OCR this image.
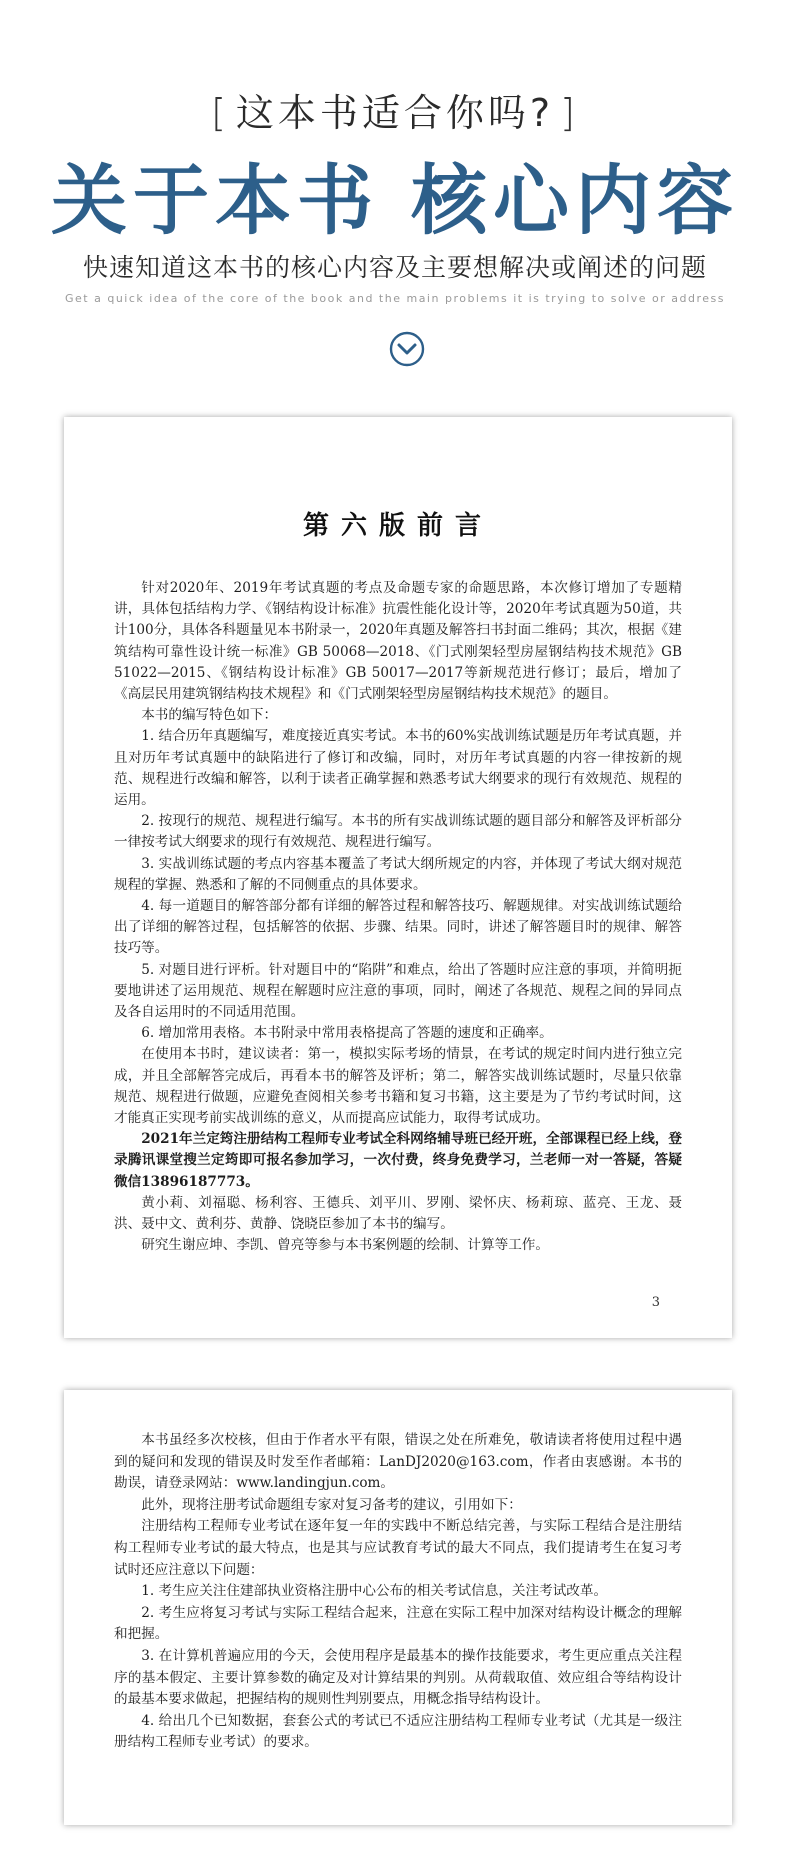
[ 这本书适合你吗? ]
关于本书 核心内容
快速知道这本书的核心内容及主要想解决或阐述的问题
Get a quick idea of the core of the book and the main problems it is trying to solve or address
第六版前言

针对2020年、2019年考试真题的考点及命题专家的命题思路，本次修订增加了专题精讲，具体包括结构力学、《钢结构设计标准》抗震性能化设计等，2020年考试真题为50道，共计100分，具体各科题量见本书附录一，2020年真题及解答扫书封面二维码；其次，根据《建筑结构可靠性设计统一标准》GB 50068—2018、《门式刚架轻型房屋钢结构技术规范》GB 51022—2015、《钢结构设计标准》GB 50017—2017等新规范进行修订；最后，增加了《高层民用建筑钢结构技术规程》和《门式刚架轻型房屋钢结构技术规范》的题目。

本书的编写特色如下：

1. 结合历年真题编写，难度接近真实考试。本书的60%实战训练试题是历年考试真题，并且对历年考试真题中的缺陷进行了修订和改编，同时，对历年考试真题的内容一律按新的规范、规程进行改编和解答，以利于读者正确掌握和熟悉考试大纲要求的现行有效规范、规程的运用。

2. 按现行的规范、规程进行编写。本书的所有实战训练试题的题目部分和解答及评析部分一律按考试大纲要求的现行有效规范、规程进行编写。

3. 实战训练试题的考点内容基本覆盖了考试大纲所规定的内容，并体现了考试大纲对规范规程的掌握、熟悉和了解的不同侧重点的具体要求。

4. 每一道题目的解答部分都有详细的解答过程和解答技巧、解题规律。对实战训练试题给出了详细的解答过程，包括解答的依据、步骤、结果。同时，讲述了解答题目时的规律、解答技巧等。

5. 对题目进行评析。针对题目中的“陷阱”和难点，给出了答题时应注意的事项，并简明扼要地讲述了运用规范、规程在解题时应注意的事项，同时，阐述了各规范、规程之间的异同点及各自运用时的不同适用范围。

6. 增加常用表格。本书附录中常用表格提高了答题的速度和正确率。

在使用本书时，建议读者：第一，模拟实际考场的情景，在考试的规定时间内进行独立完成，并且全部解答完成后，再看本书的解答及评析；第二，解答实战训练试题时，尽量只依靠规范、规程进行做题，应避免查阅相关参考书籍和复习书籍，这主要是为了节约考试时间，这才能真正实现考前实战训练的意义，从而提高应试能力，取得考试成功。

2021年兰定筠注册结构工程师专业考试全科网络辅导班已经开班，全部课程已经上线，登录腾讯课堂搜兰定筠即可报名参加学习，一次付费，终身免费学习，兰老师一对一答疑，答疑微信13896187773。

黄小莉、刘福聪、杨利容、王德兵、刘平川、罗刚、梁怀庆、杨莉琼、蓝亮、王龙、聂洪、聂中文、黄利芬、黄静、饶晓臣参加了本书的编写。

研究生谢应坤、李凯、曾亮等参与本书案例题的绘制、计算等工作。

3

本书虽经多次校核，但由于作者水平有限，错误之处在所难免，敬请读者将使用过程中遇到的疑问和发现的错误及时发至作者邮箱：LanDJ2020@163.com，作者由衷感谢。本书的勘误，请登录网站：www.landingjun.com。

此外，现将注册考试命题组专家对复习备考的建议，引用如下：

注册结构工程师专业考试在逐年复一年的实践中不断总结完善，与实际工程结合是注册结构工程师专业考试的最大特点，也是其与应试教育考试的最大不同点，我们提请考生在复习考试时还应注意以下问题：

1. 考生应关注住建部执业资格注册中心公布的相关考试信息，关注考试改革。

2. 考生应将复习考试与实际工程结合起来，注意在实际工程中加深对结构设计概念的理解和把握。

3. 在计算机普遍应用的今天，会使用程序是最基本的操作技能要求，考生更应重点关注程序的基本假定、主要计算参数的确定及对计算结果的判别。从荷载取值、效应组合等结构设计的最基本要求做起，把握结构的规则性判别要点，用概念指导结构设计。

4. 给出几个已知数据，套套公式的考试已不适应注册结构工程师专业考试（尤其是一级注册结构工程师专业考试）的要求。
